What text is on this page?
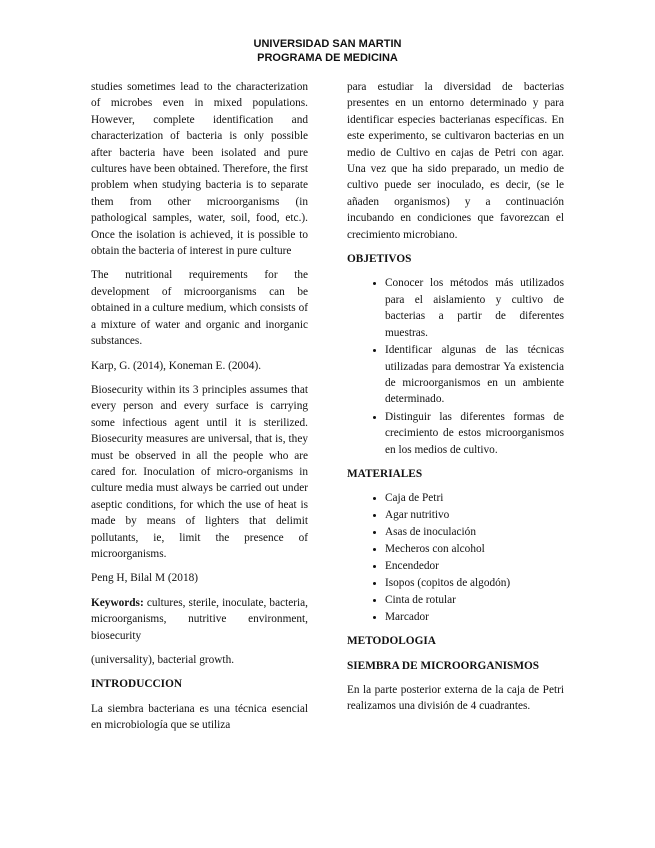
UNIVERSIDAD SAN MARTIN
PROGRAMA DE MEDICINA

studies sometimes lead to the characterization of microbes even in mixed populations. However, complete identification and characterization of bacteria is only possible after bacteria have been isolated and pure cultures have been obtained. Therefore, the first problem when studying bacteria is to separate them from other microorganisms (in pathological samples, water, soil, food, etc.). Once the isolation is achieved, it is possible to obtain the bacteria of interest in pure culture

The nutritional requirements for the development of microorganisms can be obtained in a culture medium, which consists of a mixture of water and organic and inorganic substances.

Karp, G. (2014), Koneman E. (2004).

Biosecurity within its 3 principles assumes that every person and every surface is carrying some infectious agent until it is sterilized. Biosecurity measures are universal, that is, they must be observed in all the people who are cared for. Inoculation of micro-organisms in culture media must always be carried out under aseptic conditions, for which the use of heat is made by means of lighters that delimit pollutants, ie, limit the presence of microorganisms.

Peng H, Bilal M (2018)

Keywords: cultures, sterile, inoculate, bacteria, microorganisms, nutritive environment, biosecurity

(universality), bacterial growth.

INTRODUCCION

La siembra bacteriana es una técnica esencial en microbiología que se utiliza

para estudiar la diversidad de bacterias presentes en un entorno determinado y para identificar especies bacterianas específicas. En este experimento, se cultivaron bacterias en un medio de Cultivo en cajas de Petri con agar. Una vez que ha sido preparado, un medio de cultivo puede ser inoculado, es decir, (se le añaden organismos) y a continuación incubando en condiciones que favorezcan el crecimiento microbiano.

OBJETIVOS
• Conocer los métodos más utilizados para el aislamiento y cultivo de bacterias a partir de diferentes muestras.
• Identificar algunas de las técnicas utilizadas para demostrar Ya existencia de microorganismos en un ambiente determinado.
• Distinguir las diferentes formas de crecimiento de estos microorganismos en los medios de cultivo.
MATERIALES
• Caja de Petri
• Agar nutritivo
• Asas de inoculación
• Mecheros con alcohol
• Encendedor
• Isopos (copitos de algodón)
• Cinta de rotular
• Marcador
METODOLOGIA
SIEMBRA DE MICROORGANISMOS

En la parte posterior externa de la caja de Petri realizamos una división de 4 cuadrantes.
